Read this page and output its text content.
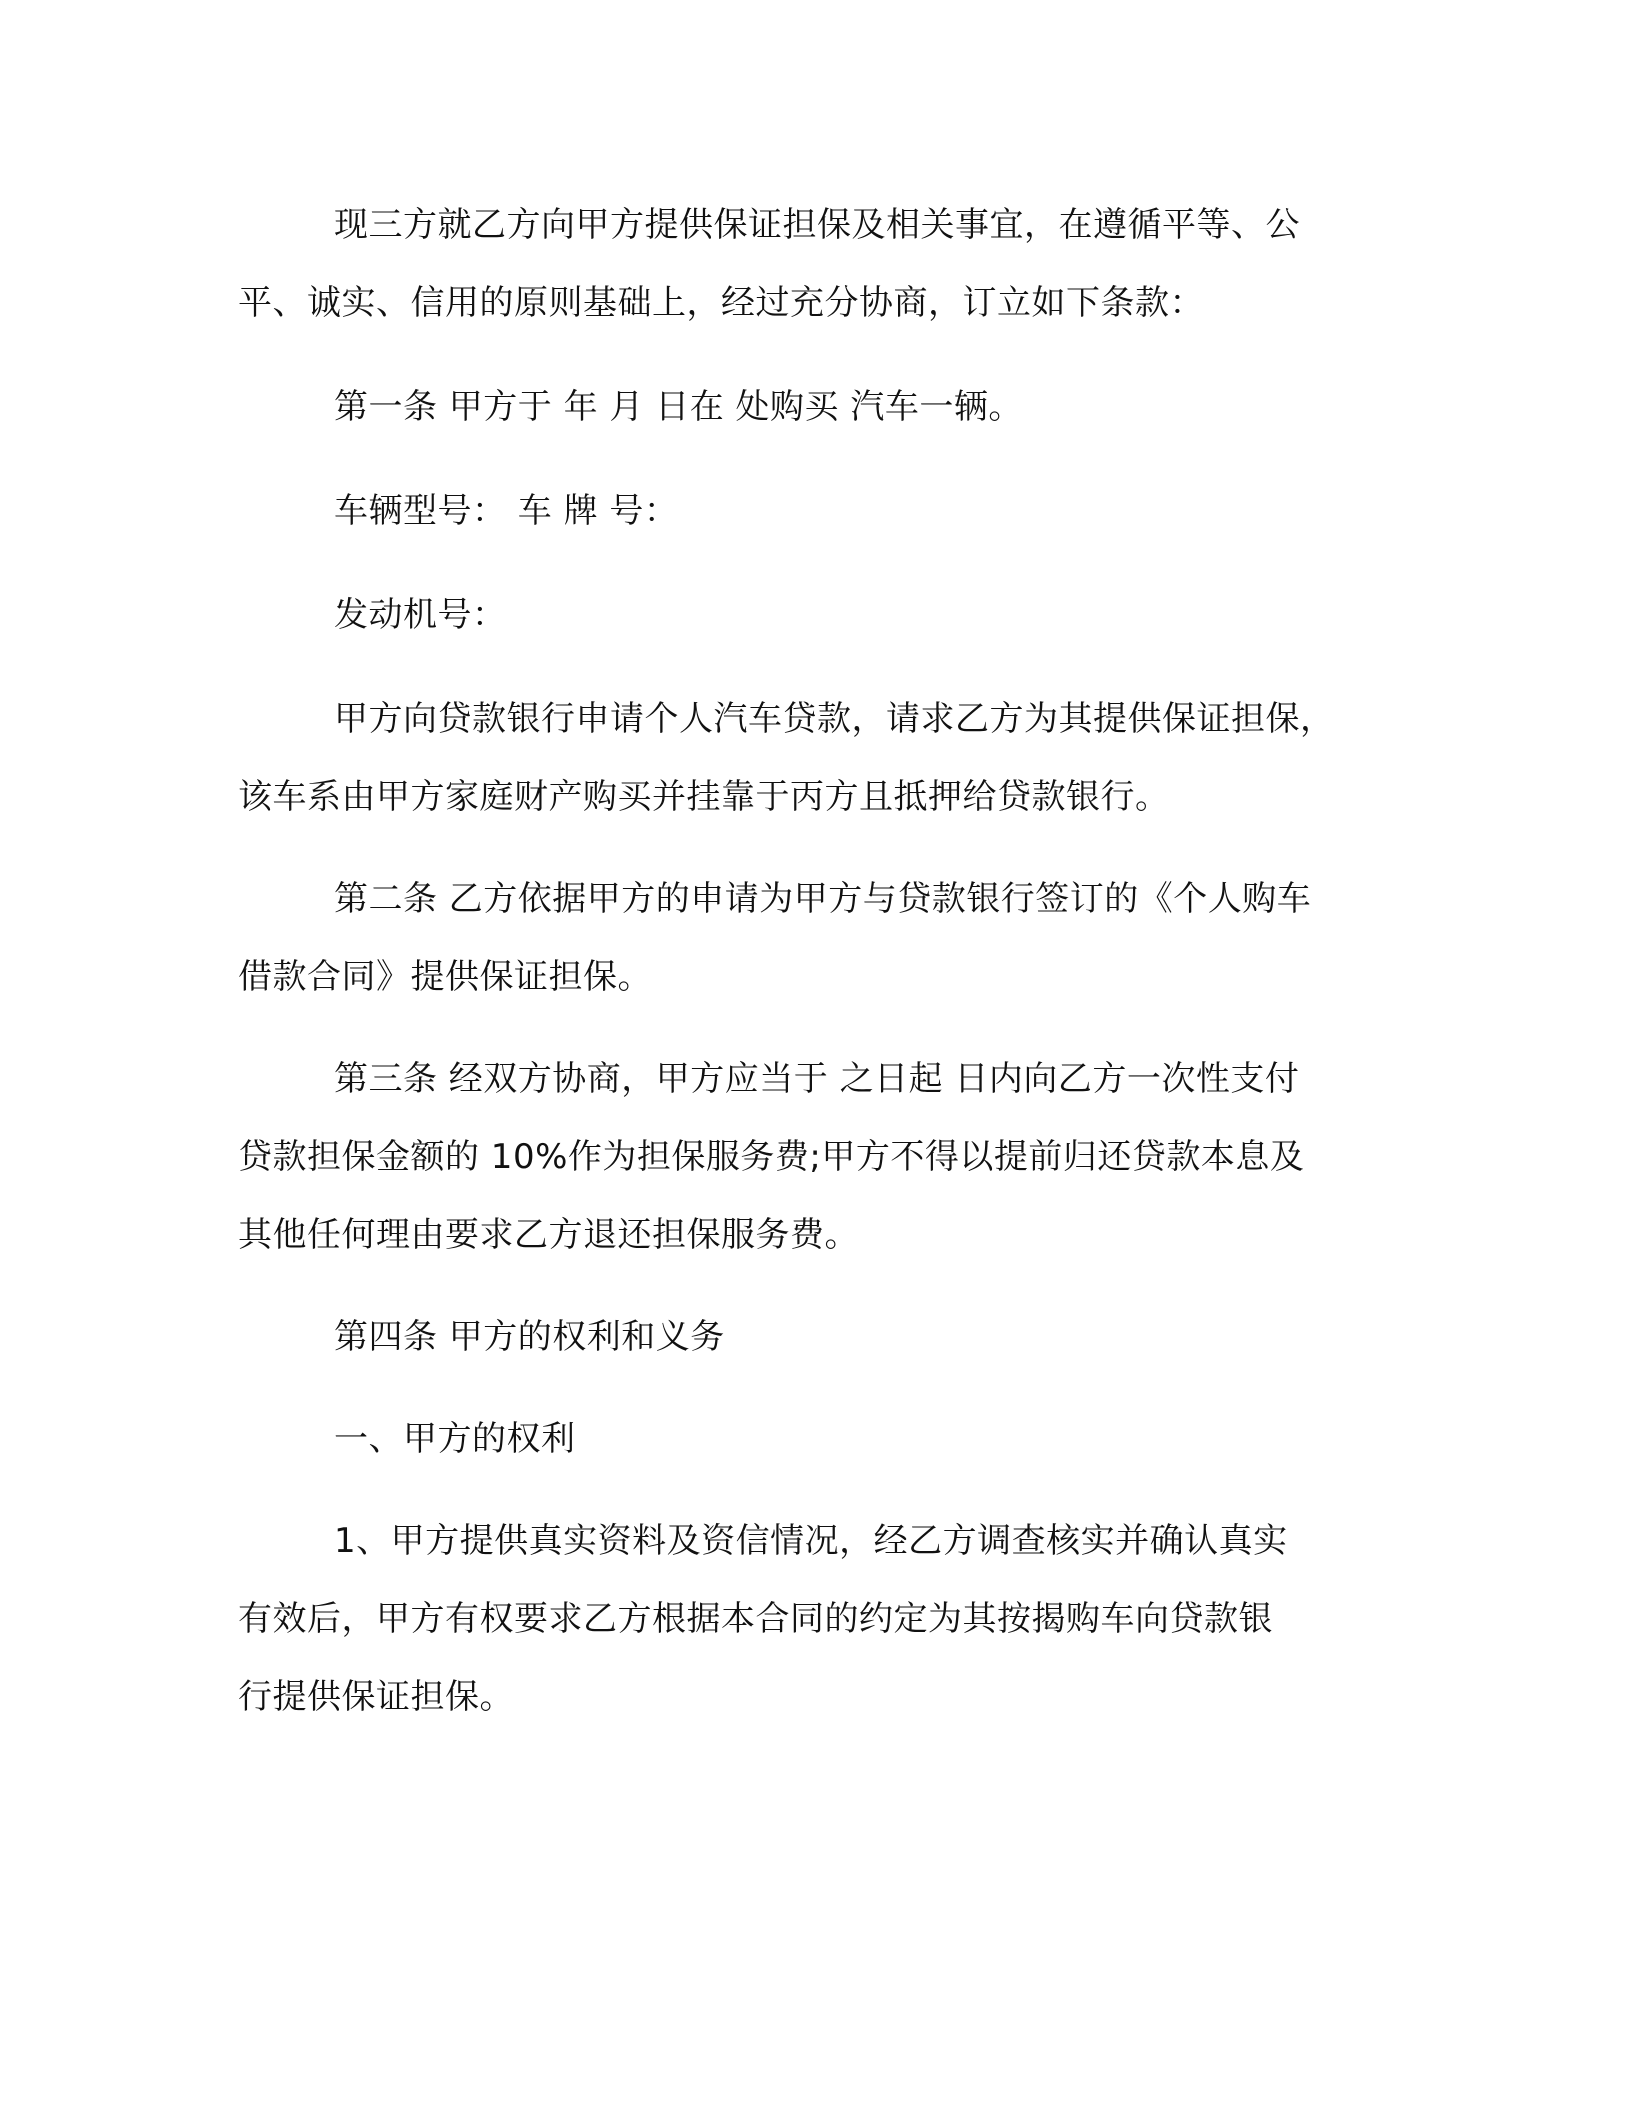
现三方就乙方向甲方提供保证担保及相关事宜，在遵循平等、公
平、诚实、信用的原则基础上，经过充分协商，订立如下条款：

第一条 甲方于 年 月 日在 处购买 汽车一辆。

车辆型号： 车 牌 号：

发动机号：

甲方向贷款银行申请个人汽车贷款，请求乙方为其提供保证担保，
该车系由甲方家庭财产购买并挂靠于丙方且抵押给贷款银行。

第二条 乙方依据甲方的申请为甲方与贷款银行签订的《个人购车
借款合同》提供保证担保。

第三条 经双方协商，甲方应当于 之日起 日内向乙方一次性支付
贷款担保金额的 10%作为担保服务费;甲方不得以提前归还贷款本息及
其他任何理由要求乙方退还担保服务费。

第四条 甲方的权利和义务

一、甲方的权利

1、甲方提供真实资料及资信情况，经乙方调查核实并确认真实
有效后，甲方有权要求乙方根据本合同的约定为其按揭购车向贷款银
行提供保证担保。
